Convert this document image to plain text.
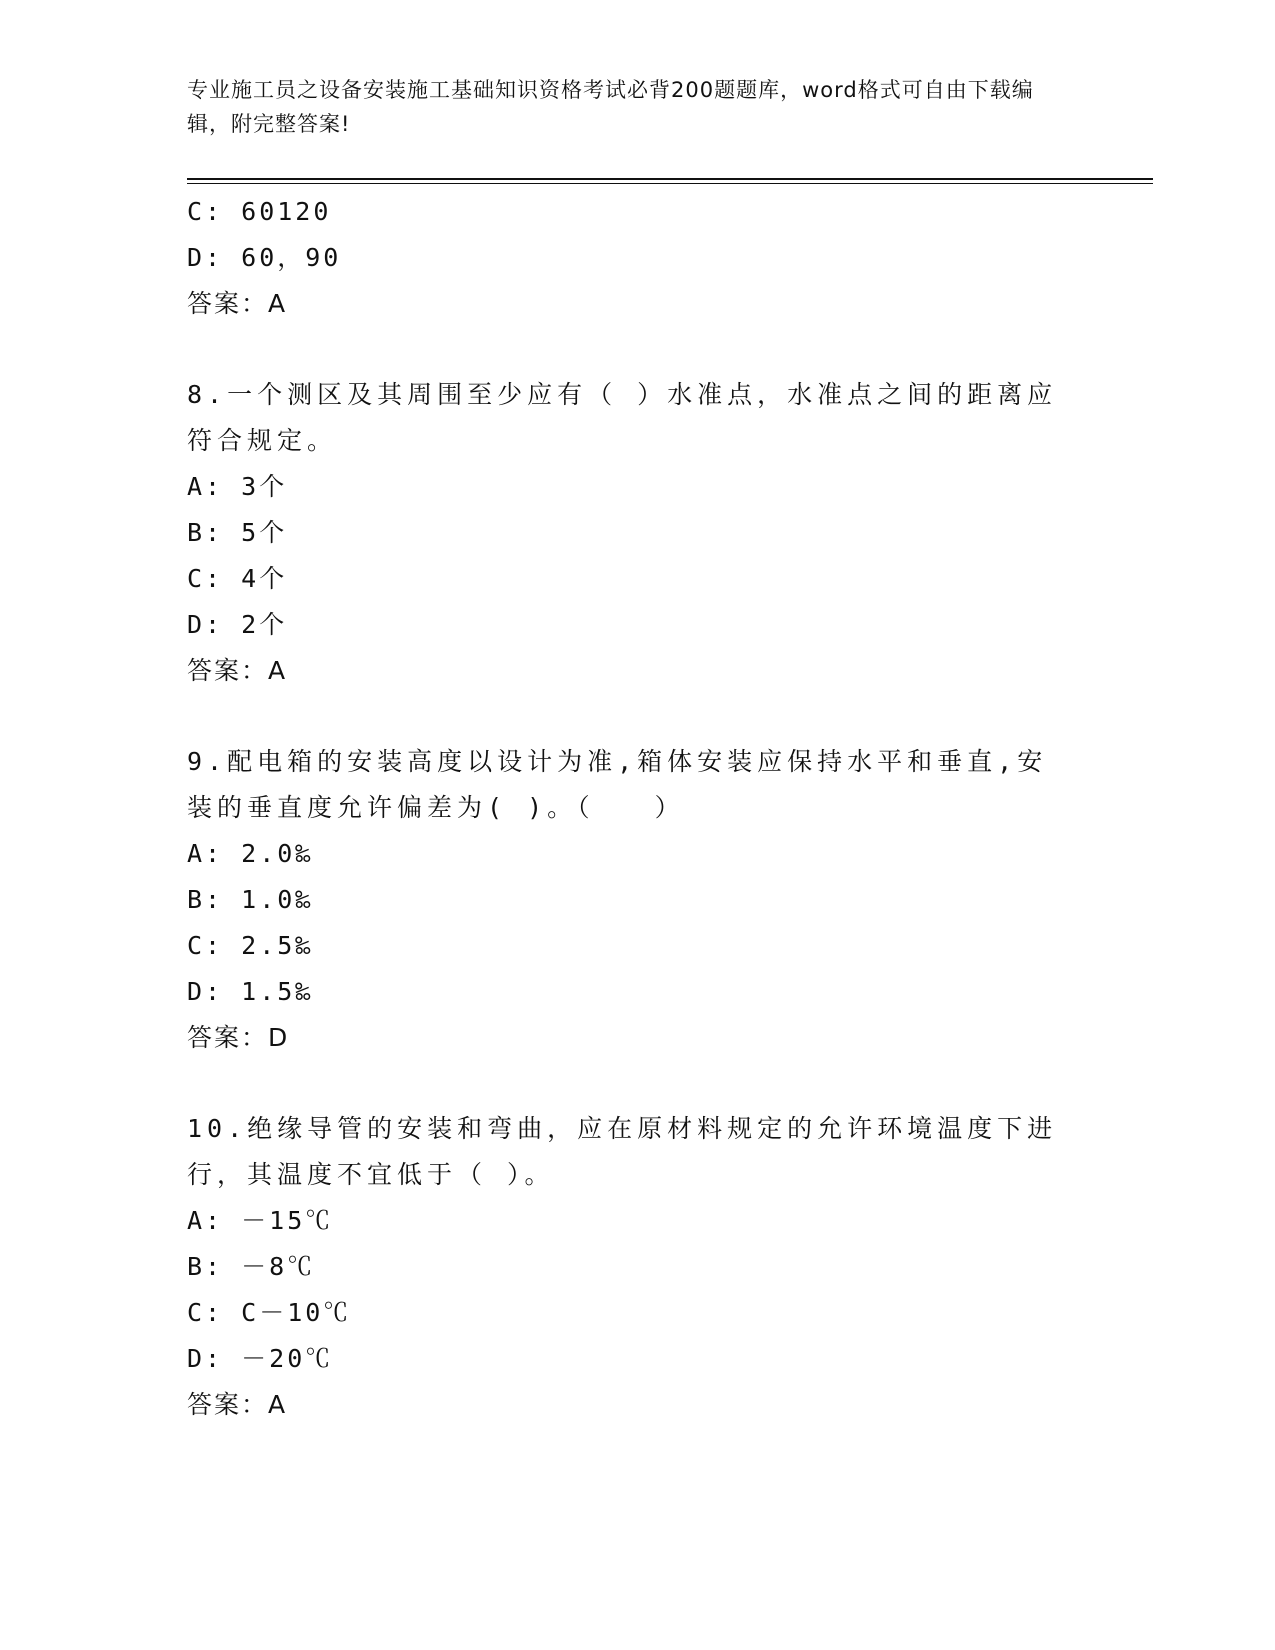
专业施工员之设备安装施工基础知识资格考试必背200题题库，word格式可自由下载编辑，附完整答案!
C: 60120
D: 60，90
答案：A
8.一个测区及其周围至少应有（ ）水准点，水准点之间的距离应符合规定。
A: 3个
B: 5个
C: 4个
D: 2个
答案：A
9.配电箱的安装高度以设计为准,箱体安装应保持水平和垂直,安装的垂直度允许偏差为( )。（　　）
A: 2.0‰
B: 1.0‰
C: 2.5‰
D: 1.5‰
答案：D
10.绝缘导管的安装和弯曲，应在原材料规定的允许环境温度下进行，其温度不宜低于（ ）。
A: －15℃
B: －8℃
C: C－10℃
D: －20℃
答案：A
